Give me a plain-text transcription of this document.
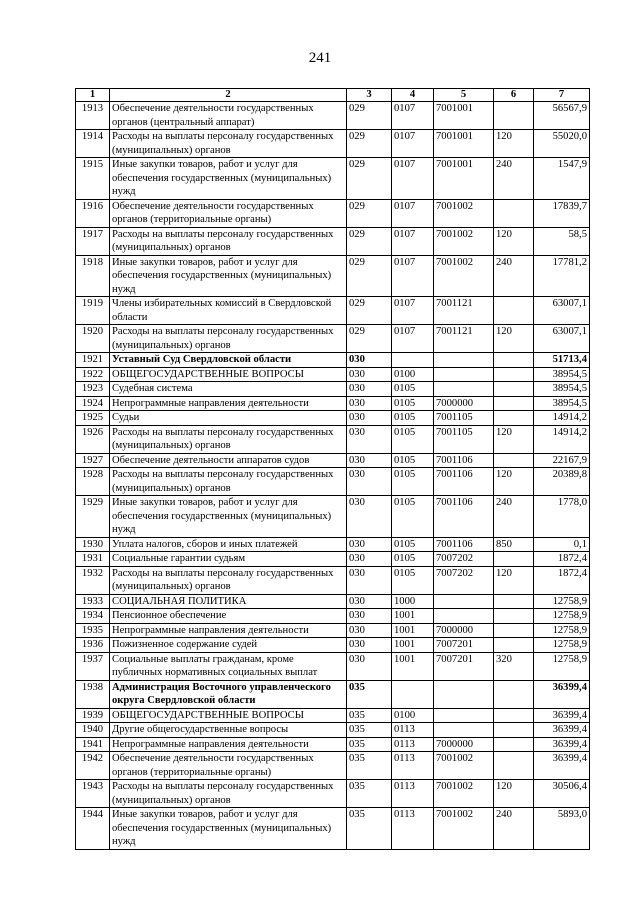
241
1	2	3	4	5	6	7
1913	Обеспечение деятельности государственных органов (центральный аппарат)	029	0107	7001001		56567,9
1914	Расходы на выплаты персоналу государственных (муниципальных) органов	029	0107	7001001	120	55020,0
1915	Иные закупки товаров, работ и услуг для обеспечения государственных (муниципальных) нужд	029	0107	7001001	240	1547,9
1916	Обеспечение деятельности государственных органов (территориальные органы)	029	0107	7001002		17839,7
1917	Расходы на выплаты персоналу государственных (муниципальных) органов	029	0107	7001002	120	58,5
1918	Иные закупки товаров, работ и услуг для обеспечения государственных (муниципальных) нужд	029	0107	7001002	240	17781,2
1919	Члены избирательных комиссий в Свердловской области	029	0107	7001121		63007,1
1920	Расходы на выплаты персоналу государственных (муниципальных) органов	029	0107	7001121	120	63007,1
1921	Уставный Суд Свердловской области	030				51713,4
1922	ОБЩЕГОСУДАРСТВЕННЫЕ ВОПРОСЫ	030	0100			38954,5
1923	Судебная система	030	0105			38954,5
1924	Непрограммные направления деятельности	030	0105	7000000		38954,5
1925	Судьи	030	0105	7001105		14914,2
1926	Расходы на выплаты персоналу государственных (муниципальных) органов	030	0105	7001105	120	14914,2
1927	Обеспечение деятельности аппаратов судов	030	0105	7001106		22167,9
1928	Расходы на выплаты персоналу государственных (муниципальных) органов	030	0105	7001106	120	20389,8
1929	Иные закупки товаров, работ и услуг для обеспечения государственных (муниципальных) нужд	030	0105	7001106	240	1778,0
1930	Уплата налогов, сборов и иных платежей	030	0105	7001106	850	0,1
1931	Социальные гарантии судьям	030	0105	7007202		1872,4
1932	Расходы на выплаты персоналу государственных (муниципальных) органов	030	0105	7007202	120	1872,4
1933	СОЦИАЛЬНАЯ ПОЛИТИКА	030	1000			12758,9
1934	Пенсионное обеспечение	030	1001			12758,9
1935	Непрограммные направления деятельности	030	1001	7000000		12758,9
1936	Пожизненное содержание судей	030	1001	7007201		12758,9
1937	Социальные выплаты гражданам, кроме публичных нормативных социальных выплат	030	1001	7007201	320	12758,9
1938	Администрация Восточного управленческого округа Свердловской области	035				36399,4
1939	ОБЩЕГОСУДАРСТВЕННЫЕ ВОПРОСЫ	035	0100			36399,4
1940	Другие общегосударственные вопросы	035	0113			36399,4
1941	Непрограммные направления деятельности	035	0113	7000000		36399,4
1942	Обеспечение деятельности государственных органов (территориальные органы)	035	0113	7001002		36399,4
1943	Расходы на выплаты персоналу государственных (муниципальных) органов	035	0113	7001002	120	30506,4
1944	Иные закупки товаров, работ и услуг для обеспечения государственных (муниципальных) нужд	035	0113	7001002	240	5893,0
